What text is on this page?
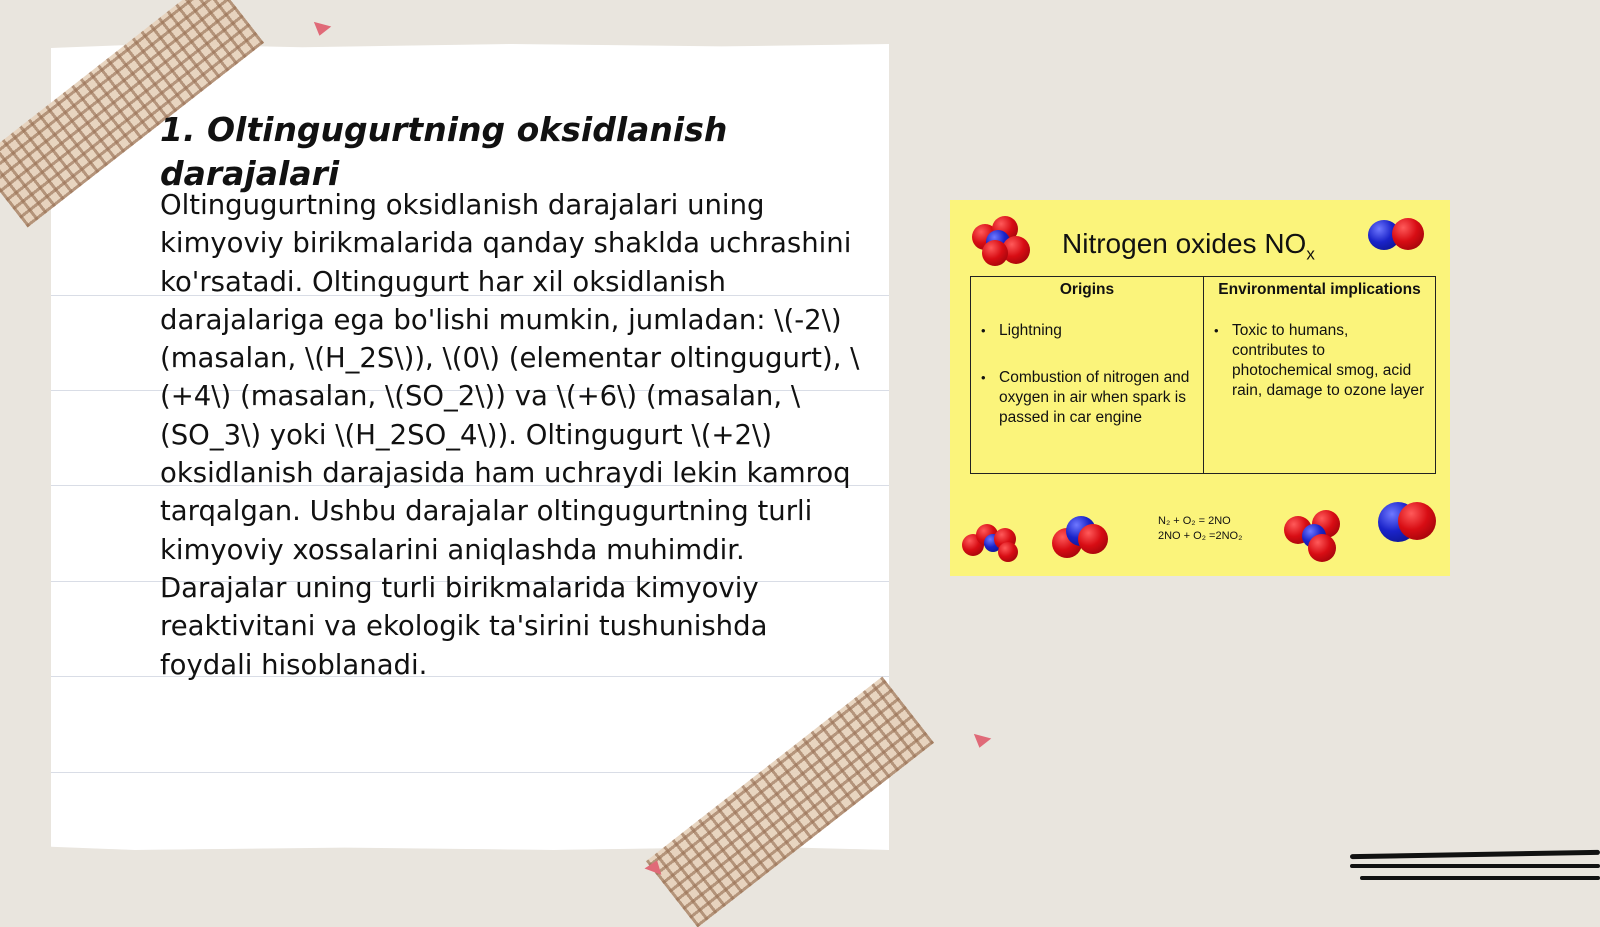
1. Oltingugurtning oksidlanish darajalari
Oltingugurtning oksidlanish darajalari uning kimyoviy birikmalarida qanday shaklda uchrashini ko'rsatadi. Oltingugurt har xil oksidlanish darajalariga ega bo'lishi mumkin, jumladan: \(-2\) (masalan, \(H_2S\)), \(0\) (elementar oltingugurt), \(+4\) (masalan, \(SO_2\)) va \(+6\) (masalan, \(SO_3\) yoki \(H_2SO_4\)). Oltingugurt \(+2\) oksidlanish darajasida ham uchraydi lekin kamroq tarqalgan. Ushbu darajalar oltingugurtning turli kimyoviy xossalarini aniqlashda muhimdir. Darajalar uning turli birikmalarida kimyoviy reaktivitani va ekologik ta'sirini tushunishda foydali hisoblanadi.
Nitrogen oxides $NO_x$
Origins
• Lightning
• Combustion of nitrogen and oxygen in air when spark is passed in car engine
Environmental implications
• Toxic to humans, contributes to photochemical smog, acid rain, damage to ozone layer
N₂ + O₂ = 2NO
2NO + O₂ =2NO₂
